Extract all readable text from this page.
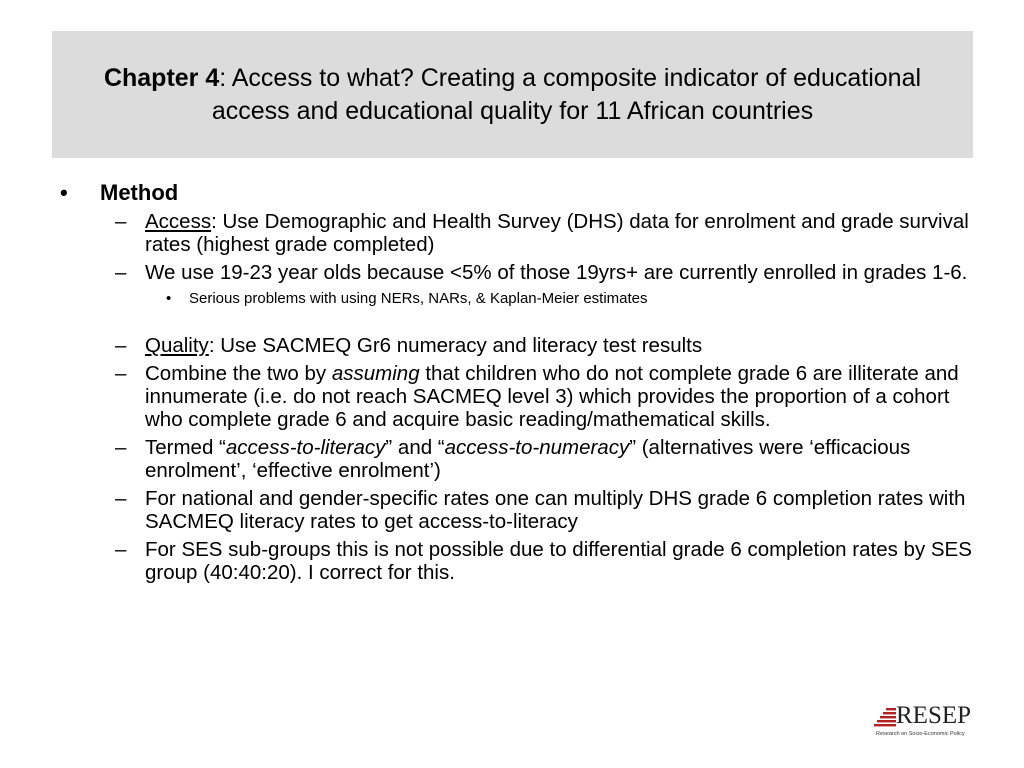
Chapter 4: Access to what? Creating a composite indicator of educational access and educational quality for 11 African countries
• Method
– Access: Use Demographic and Health Survey (DHS) data for enrolment and grade survival rates (highest grade completed)
– We use 19-23 year olds because <5% of those 19yrs+ are currently enrolled in grades 1-6.
• Serious problems with using NERs, NARs, & Kaplan-Meier estimates
– Quality: Use SACMEQ Gr6 numeracy and literacy test results
– Combine the two by assuming that children who do not complete grade 6 are illiterate and innumerate (i.e. do not reach SACMEQ level 3) which provides the proportion of a cohort who complete grade 6 and acquire basic reading/mathematical skills.
– Termed “access-to-literacy” and “access-to-numeracy” (alternatives were ‘efficacious enrolment’, ‘effective enrolment’)
– For national and gender-specific rates one can multiply DHS grade 6 completion rates with SACMEQ literacy rates to get access-to-literacy
– For SES sub-groups this is not possible due to differential grade 6 completion rates by SES group (40:40:20). I correct for this.
RESEP
Research on Socio-Economic Policy
